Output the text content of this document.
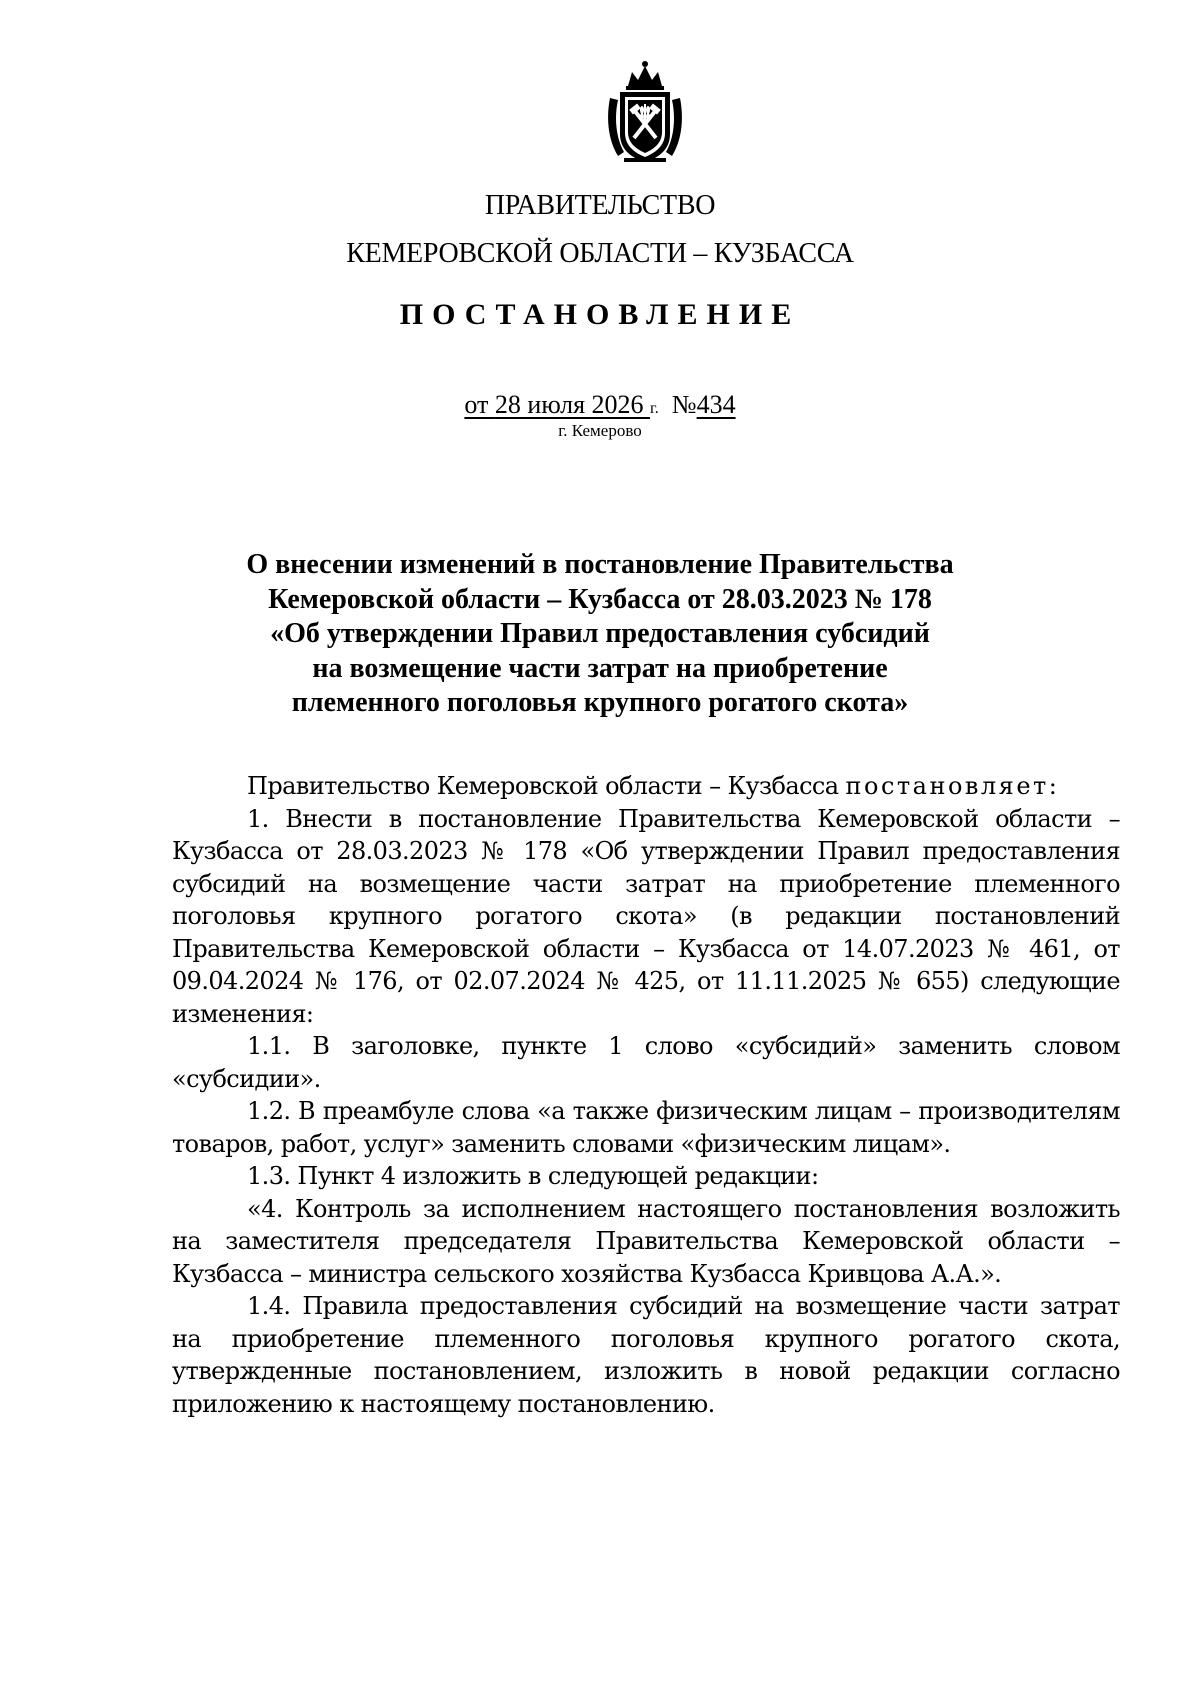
ПРАВИТЕЛЬСТВО
КЕМЕРОВСКОЙ ОБЛАСТИ – КУЗБАССА
ПОСТАНОВЛЕНИЕ
от 28 июля 2026 г. №434
г. Кемерово
О внесении изменений в постановление Правительства
Кемеровской области – Кузбасса от 28.03.2023 № 178
«Об утверждении Правил предоставления субсидий
на возмещение части затрат на приобретение
племенного поголовья крупного рогатого скота»

Правительство Кемеровской области – Кузбасса постановляет:

1. Внести в постановление Правительства Кемеровской области – Кузбасса от 28.03.2023 № 178 «Об утверждении Правил предоставления субсидий на возмещение части затрат на приобретение племенного поголовья крупного рогатого скота» (в редакции постановлений Правительства Кемеровской области – Кузбасса от 14.07.2023 № 461, от 09.04.2024 № 176, от 02.07.2024 № 425, от 11.11.2025 № 655) следующие изменения:

1.1. В заголовке, пункте 1 слово «субсидий» заменить словом «субсидии».

1.2. В преамбуле слова «а также физическим лицам – производителям товаров, работ, услуг» заменить словами «физическим лицам».

1.3. Пункт 4 изложить в следующей редакции:

«4. Контроль за исполнением настоящего постановления возложить на заместителя председателя Правительства Кемеровской области – Кузбасса – министра сельского хозяйства Кузбасса Кривцова А.А.».

1.4. Правила предоставления субсидий на возмещение части затрат на приобретение племенного поголовья крупного рогатого скота, утвержденные постановлением, изложить в новой редакции согласно приложению к настоящему постановлению.
